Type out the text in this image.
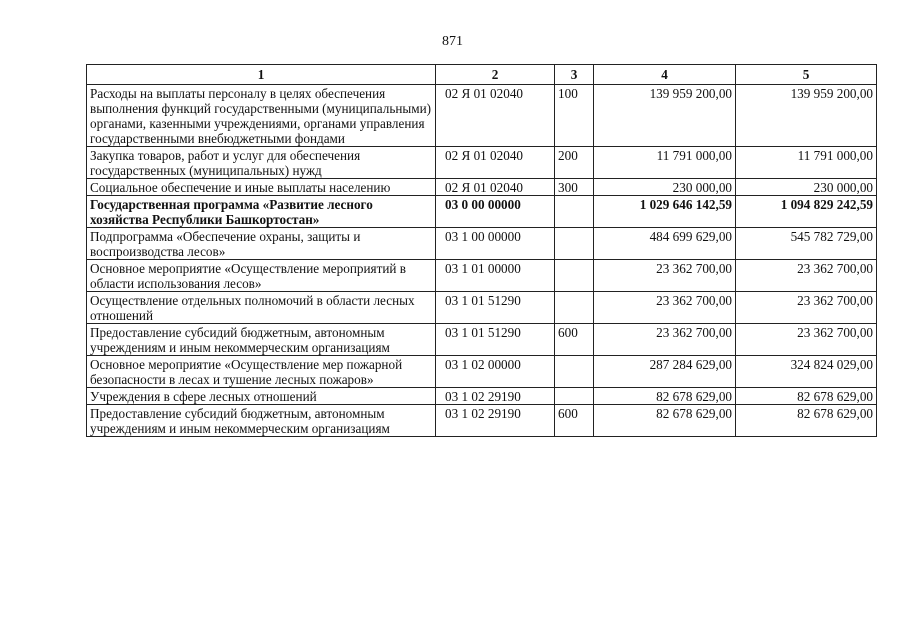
871
1	2	3	4	5
Расходы на выплаты персоналу в целях обеспечения выполнения функций государственными (муниципальными) органами, казенными учреждениями, органами управления государственными внебюджетными фондами	02 Я 01 02040	100	139 959 200,00	139 959 200,00
Закупка товаров, работ и услуг для обеспечения государственных (муниципальных) нужд	02 Я 01 02040	200	11 791 000,00	11 791 000,00
Социальное обеспечение и иные выплаты населению	02 Я 01 02040	300	230 000,00	230 000,00
Государственная программа «Развитие лесного хозяйства Республики Башкортостан»	03 0 00 00000		1 029 646 142,59	1 094 829 242,59
Подпрограмма «Обеспечение охраны, защиты и воспроизводства лесов»	03 1 00 00000		484 699 629,00	545 782 729,00
Основное мероприятие «Осуществление мероприятий в области использования лесов»	03 1 01 00000		23 362 700,00	23 362 700,00
Осуществление отдельных полномочий в области лесных отношений	03 1 01 51290		23 362 700,00	23 362 700,00
Предоставление субсидий бюджетным, автономным учреждениям и иным некоммерческим организациям	03 1 01 51290	600	23 362 700,00	23 362 700,00
Основное мероприятие «Осуществление мер пожарной безопасности в лесах и тушение лесных пожаров»	03 1 02 00000		287 284 629,00	324 824 029,00
Учреждения в сфере лесных отношений	03 1 02 29190		82 678 629,00	82 678 629,00
Предоставление субсидий бюджетным, автономным учреждениям и иным некоммерческим организациям	03 1 02 29190	600	82 678 629,00	82 678 629,00
